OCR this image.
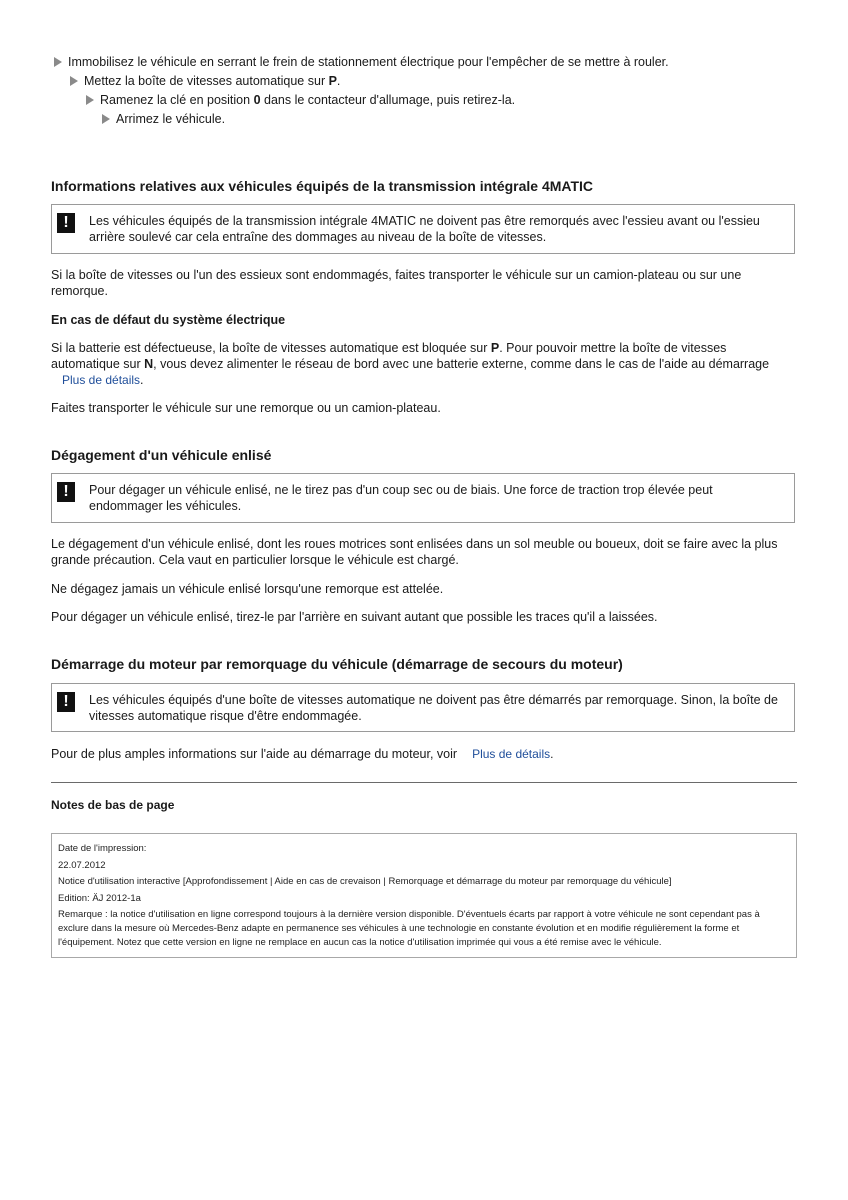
Immobilisez le véhicule en serrant le frein de stationnement électrique pour l'empêcher de se mettre à rouler.
Mettez la boîte de vitesses automatique sur P.
Ramenez la clé en position 0 dans le contacteur d'allumage, puis retirez-la.
Arrimez le véhicule.
Informations relatives aux véhicules équipés de la transmission intégrale 4MATIC
!	Les véhicules équipés de la transmission intégrale 4MATIC ne doivent pas être remorqués avec l'essieu avant ou l'essieu arrière soulevé car cela entraîne des dommages au niveau de la boîte de vitesses.

Si la boîte de vitesses ou l'un des essieux sont endommagés, faites transporter le véhicule sur un camion-plateau ou sur une remorque.

En cas de défaut du système électrique

Si la batterie est défectueuse, la boîte de vitesses automatique est bloquée sur P. Pour pouvoir mettre la boîte de vitesses automatique sur N, vous devez alimenter le réseau de bord avec une batterie externe, comme dans le cas de l'aide au démarrage
Plus de détails.

Faites transporter le véhicule sur une remorque ou un camion-plateau.

Dégagement d'un véhicule enlisé
!	Pour dégager un véhicule enlisé, ne le tirez pas d'un coup sec ou de biais. Une force de traction trop élevée peut endommager les véhicules.

Le dégagement d'un véhicule enlisé, dont les roues motrices sont enlisées dans un sol meuble ou boueux, doit se faire avec la plus grande précaution. Cela vaut en particulier lorsque le véhicule est chargé.

Ne dégagez jamais un véhicule enlisé lorsqu'une remorque est attelée.

Pour dégager un véhicule enlisé, tirez-le par l'arrière en suivant autant que possible les traces qu'il a laissées.

Démarrage du moteur par remorquage du véhicule (démarrage de secours du moteur)
!	Les véhicules équipés d'une boîte de vitesses automatique ne doivent pas être démarrés par remorquage. Sinon, la boîte de vitesses automatique risque d'être endommagée.

Pour de plus amples informations sur l'aide au démarrage du moteur, voir Plus de détails.

Notes de bas de page
Date de l'impression:
22.07.2012
Notice d'utilisation interactive [Approfondissement | Aide en cas de crevaison | Remorquage et démarrage du moteur par remorquage du véhicule]
Edition: ÄJ 2012-1a
Remarque : la notice d'utilisation en ligne correspond toujours à la dernière version disponible. D'éventuels écarts par rapport à votre véhicule ne sont cependant pas à exclure dans la mesure où Mercedes-Benz adapte en permanence ses véhicules à une technologie en constante évolution et en modifie régulièrement la forme et l'équipement. Notez que cette version en ligne ne remplace en aucun cas la notice d'utilisation imprimée qui vous a été remise avec le véhicule.
